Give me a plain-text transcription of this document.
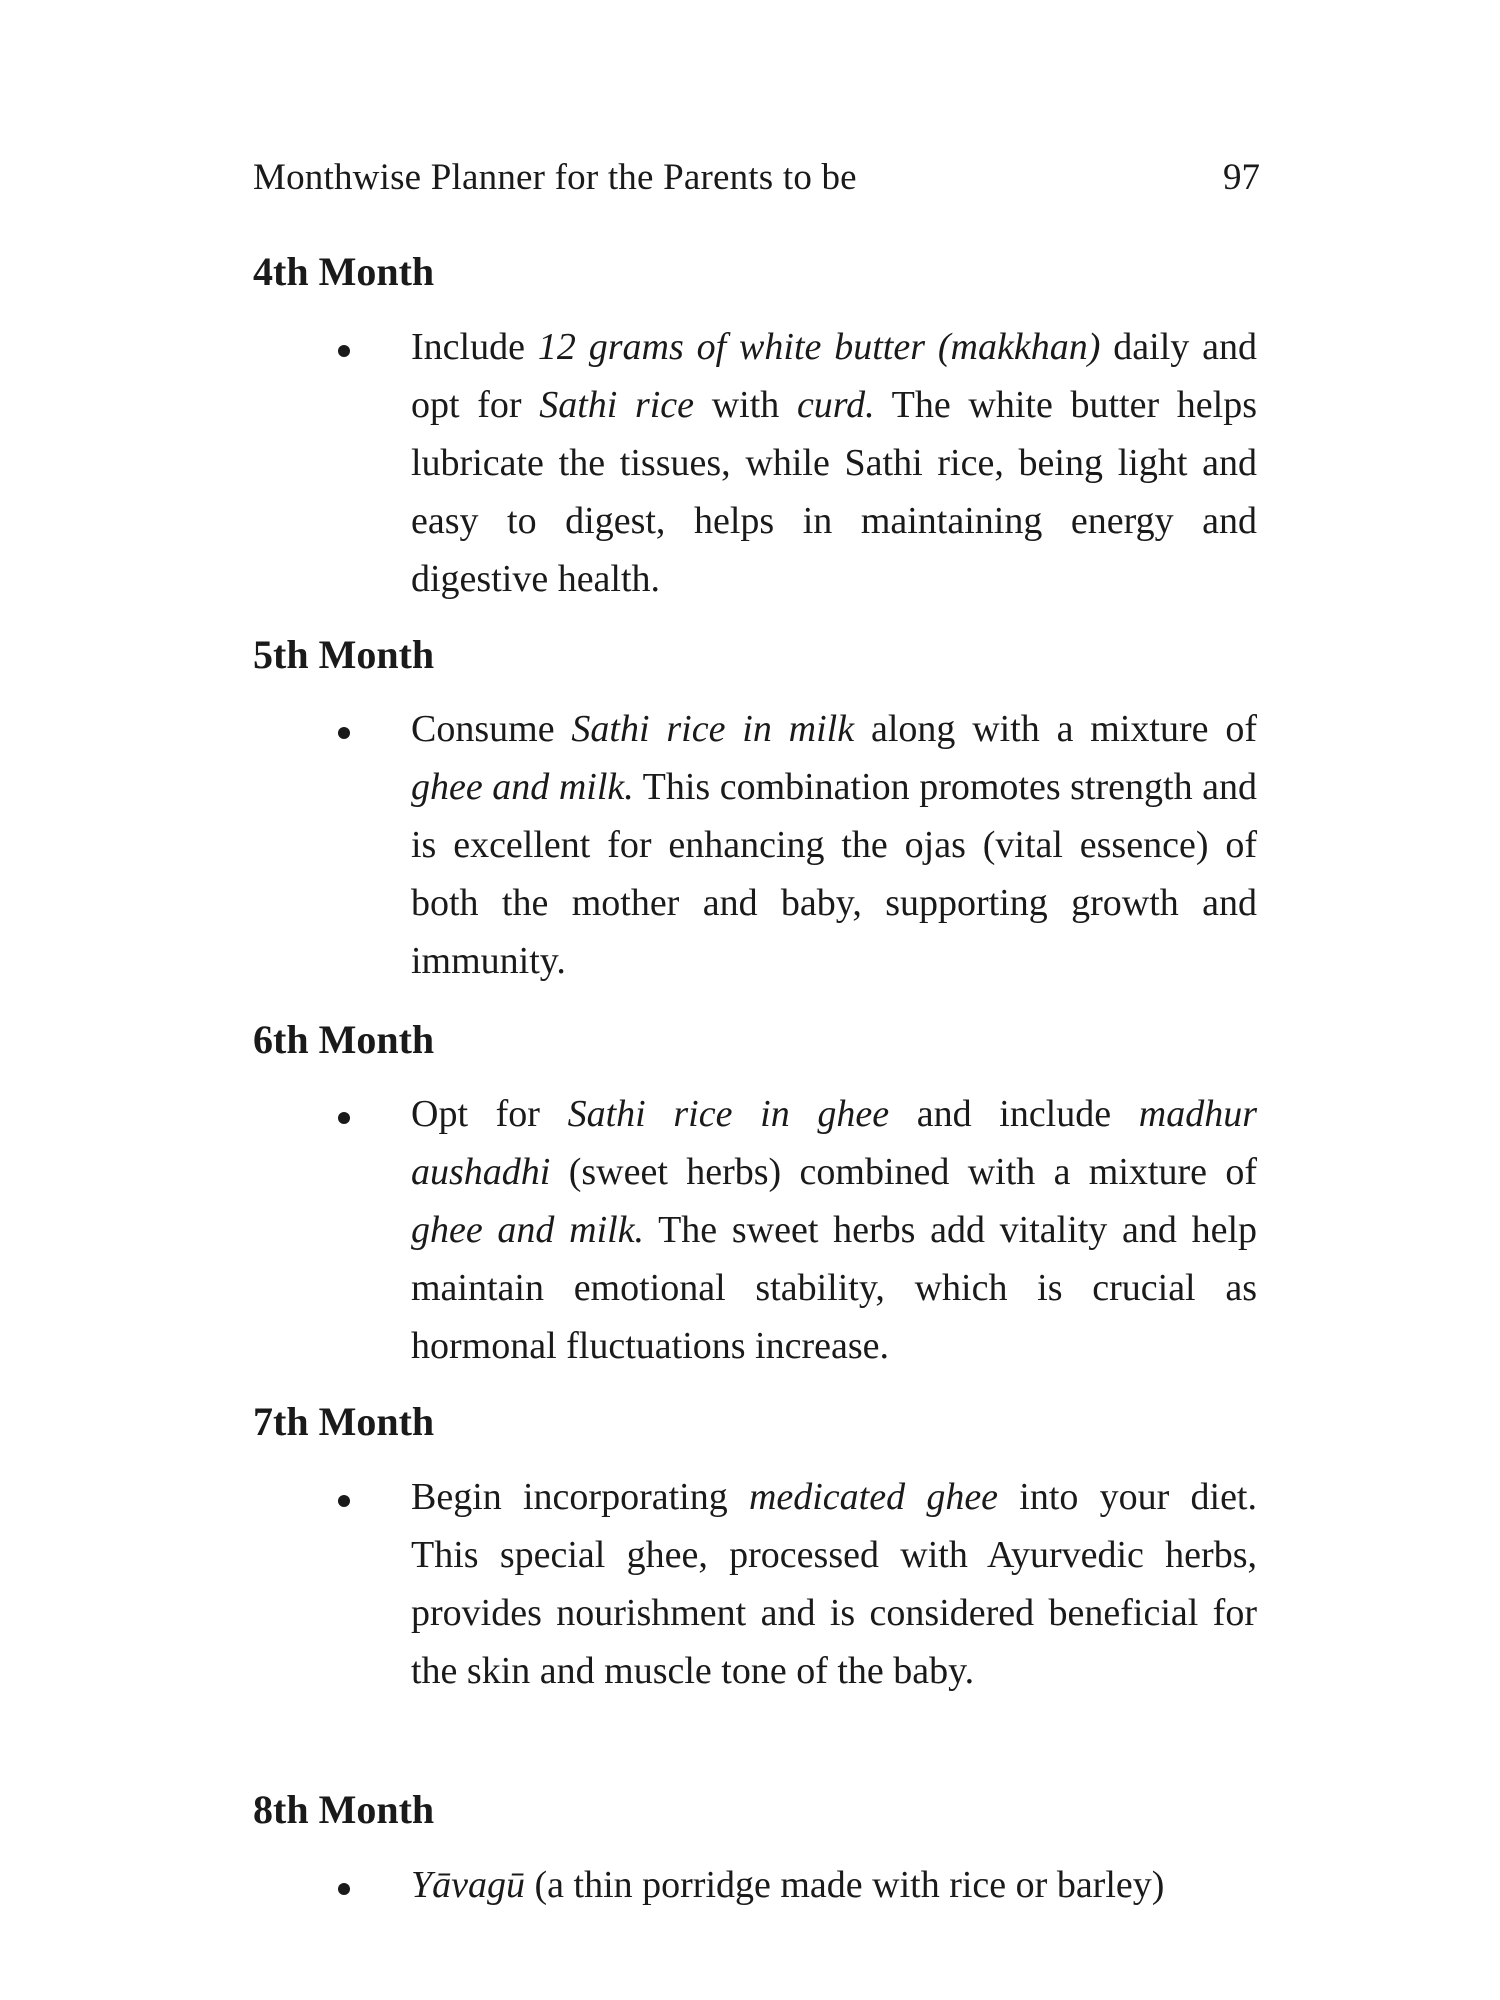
Monthwise Planner for the Parents to be	97
4th Month

Include 12 grams of white butter (makkhan) daily and opt for Sathi rice with curd. The white butter helps lubricate the tissues, while Sathi rice, being light and easy to digest, helps in maintaining energy and digestive health.

5th Month

Consume Sathi rice in milk along with a mixture of ghee and milk. This combination promotes strength and is excellent for enhancing the ojas (vital essence) of both the mother and baby, supporting growth and immunity.

6th Month

Opt for Sathi rice in ghee and include madhur aushadhi (sweet herbs) combined with a mixture of ghee and milk. The sweet herbs add vitality and help maintain emotional stability, which is crucial as hormonal fluctuations increase.

7th Month

Begin incorporating medicated ghee into your diet. This special ghee, processed with Ayurvedic herbs, provides nourishment and is considered beneficial for the skin and muscle tone of the baby.

8th Month

Yāvagū (a thin porridge made with rice or barley)
